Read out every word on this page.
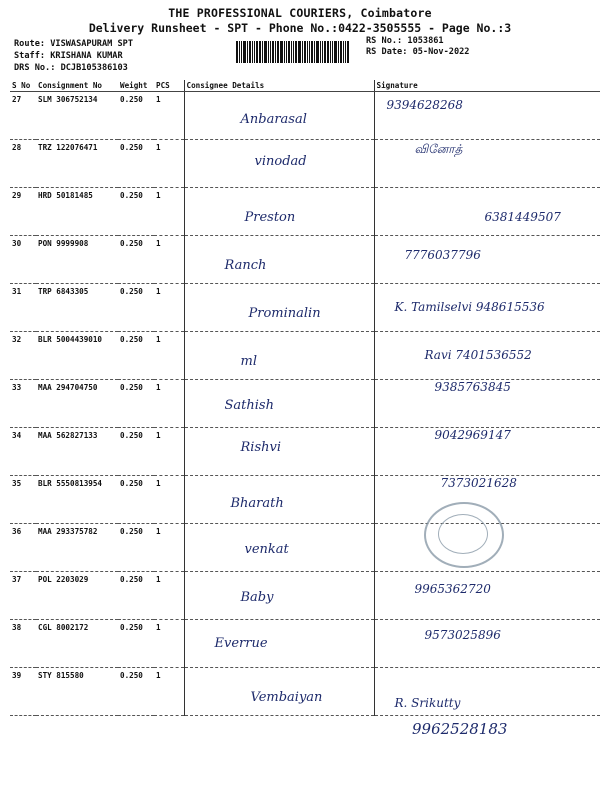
THE PROFESSIONAL COURIERS, Coimbatore
Delivery Runsheet - SPT - Phone No.:0422-3505555 - Page No.:3
Route: VISWASAPURAM SPT
Staff: KRISHANA KUMAR
DRS No.: DCJB105386103
RS No.: 1053861
RS Date: 05-Nov-2022
S No	Consignment No	Weight	PCS	Consignee Details	Signature
27	SLM 306752134	0.250	1	Anbarasal	9394628268

28	TRZ 122076471	0.250	1	vinodad	வினோத்

29	HRD 50181485	0.250	1	Preston	6381449507

30	PON 9999908	0.250	1	Ranch	7776037796

31	TRP 6843305	0.250	1	Prominalin	K. Tamilselvi 948615536

32	BLR 5004439010	0.250	1	ml	Ravi 7401536552

33	MAA 294704750	0.250	1	Sathish	9385763845

34	MAA 562827133	0.250	1	Rishvi	9042969147

35	BLR 5550813954	0.250	1	Bharath	7373021628

36	MAA 293375782	0.250	1	venkat	

37	POL 2203029	0.250	1	Baby	9965362720

38	CGL 8002172	0.250	1	Everrue	9573025896

39	STY 815580	0.250	1	Vembaiyan	R. Srikutty
9962528183
